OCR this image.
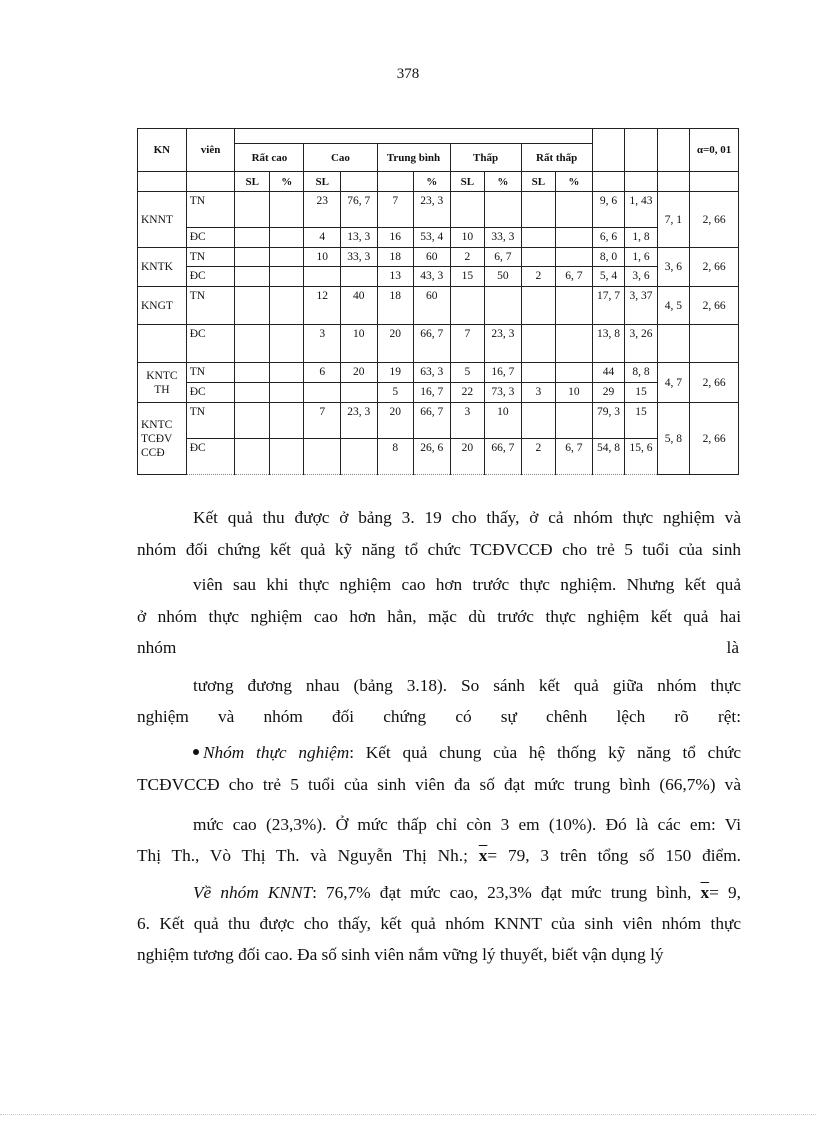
378
KN	viên														α=0, 01
		Rất cao		Cao		Trung bình		Thấp		Rất thấp					
		SL	%	SL			%	SL	%	SL	%				
KNNT	TN			23	76, 7	7	23, 3					9, 6	1, 43	7, 1	2, 66
	ĐC			4	13, 3	16	53, 4	10	33, 3			6, 6	1, 8		
KNTK	TN			10	33, 3	18	60	2	6, 7			8, 0	1, 6	3, 6	2, 66
	ĐC					13	43, 3	15	50	2	6, 7	5, 4	3, 6		
KNGT	TN			12	40	18	60					17, 7	3, 37	4, 5	2, 66
	ĐC			3	10	20	66, 7	7	23, 3			13, 8	3, 26		
KNTC TH	TN			6	20	19	63, 3	5	16, 7			44	8, 8	4, 7	2, 66
	ĐC					5	16, 7	22	73, 3	3	10	29	15		
KNTC TCĐV CCĐ	TN			7	23, 3	20	66, 7	3	10			79, 3	15	5, 8	2, 66
	ĐC					8	26, 6	20	66, 7	2	6, 7	54, 8	15, 6		

Kết quả thu được ở bảng 3. 19 cho thấy, ở cả nhóm thực nghiệm và

nhóm đối chứng kết quả kỹ năng tổ chức TCĐVCCĐ cho trẻ 5 tuổi của sinh

viên sau khi thực nghiệm cao hơn trước thực nghiệm. Nhưng kết quả

ở nhóm thực nghiệm cao hơn hẳn, mặc dù trước thực nghiệm kết quả hai

nhóm	là

tương đương nhau (bảng 3.18). So sánh kết quả giữa nhóm thực

nghiệm và nhóm đối chứng có sự chênh lệch rõ rệt:

Nhóm thực nghiệm: Kết quả chung của hệ thống kỹ năng tổ chức

TCĐVCCĐ cho trẻ 5 tuổi của sinh viên đa số đạt mức trung bình (66,7%) và

mức cao (23,3%). Ở mức thấp chỉ còn 3 em (10%). Đó là các em: Vi

Thị Th., Vò Thị Th. và Nguyễn Thị Nh.; $\overline{x}= 79$, 3 trên tổng số 150 điểm.

Về nhóm KNNT: 76,7% đạt mức cao, 23,3% đạt mức trung bình, $\overline{x}= 9$,

6. Kết quả thu được cho thấy, kết quả nhóm KNNT của sinh viên nhóm thực

nghiệm tương đối cao. Đa số sinh viên nắm vững lý thuyết, biết vận dụng lý
